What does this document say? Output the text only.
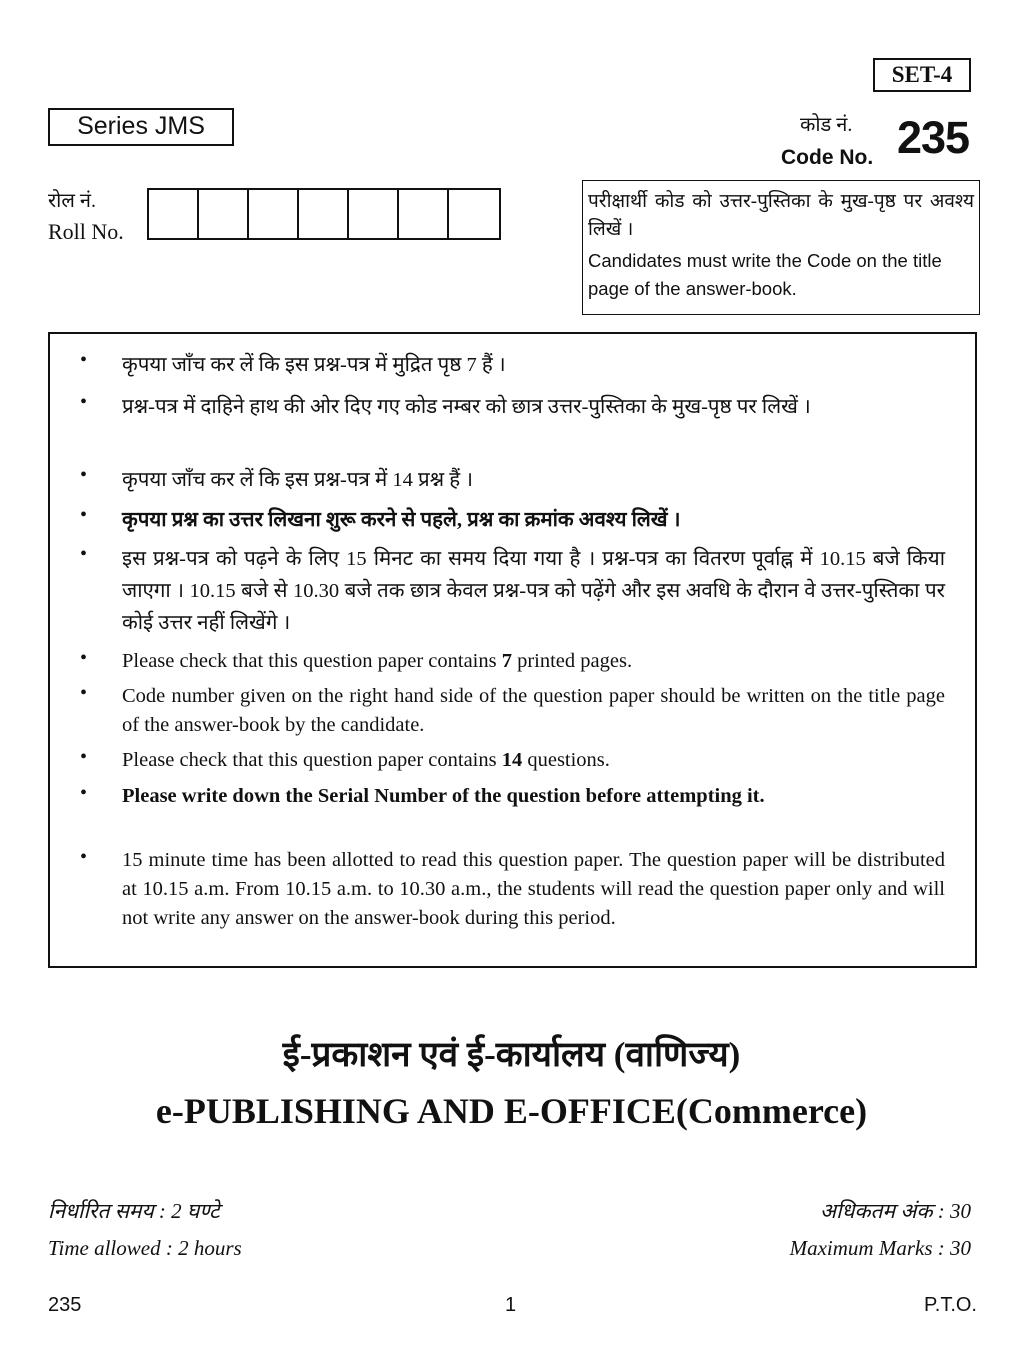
SET-4
Series JMS	कोड नं.
Code No. 235
रोल नं.
Roll No.
परीक्षार्थी कोड को उत्तर-पुस्तिका के मुख-पृष्ठ पर अवश्य लिखें ।
Candidates must write the Code on the title page of the answer-book.
• कृपया जाँच कर लें कि इस प्रश्न-पत्र में मुद्रित पृष्ठ 7 हैं ।
• प्रश्न-पत्र में दाहिने हाथ की ओर दिए गए कोड नम्बर को छात्र उत्तर-पुस्तिका के मुख-पृष्ठ पर लिखें ।
• कृपया जाँच कर लें कि इस प्रश्न-पत्र में 14 प्रश्न हैं ।
• कृपया प्रश्न का उत्तर लिखना शुरू करने से पहले, प्रश्न का क्रमांक अवश्य लिखें ।
• इस प्रश्न-पत्र को पढ़ने के लिए 15 मिनट का समय दिया गया है । प्रश्न-पत्र का वितरण पूर्वाह्न में 10.15 बजे किया जाएगा । 10.15 बजे से 10.30 बजे तक छात्र केवल प्रश्न-पत्र को पढ़ेंगे और इस अवधि के दौरान वे उत्तर-पुस्तिका पर कोई उत्तर नहीं लिखेंगे ।
• Please check that this question paper contains 7 printed pages.
• Code number given on the right hand side of the question paper should be written on the title page of the answer-book by the candidate.
• Please check that this question paper contains 14 questions.
• Please write down the Serial Number of the question before attempting it.
• 15 minute time has been allotted to read this question paper. The question paper will be distributed at 10.15 a.m. From 10.15 a.m. to 10.30 a.m., the students will read the question paper only and will not write any answer on the answer-book during this period.
ई-प्रकाशन एवं ई-कार्यालय (वाणिज्य)
e-PUBLISHING AND E-OFFICE(Commerce)
निर्धारित समय : 2 घण्टे
Time allowed : 2 hours
अधिकतम अंक : 30
Maximum Marks : 30
235	1	P.T.O.
